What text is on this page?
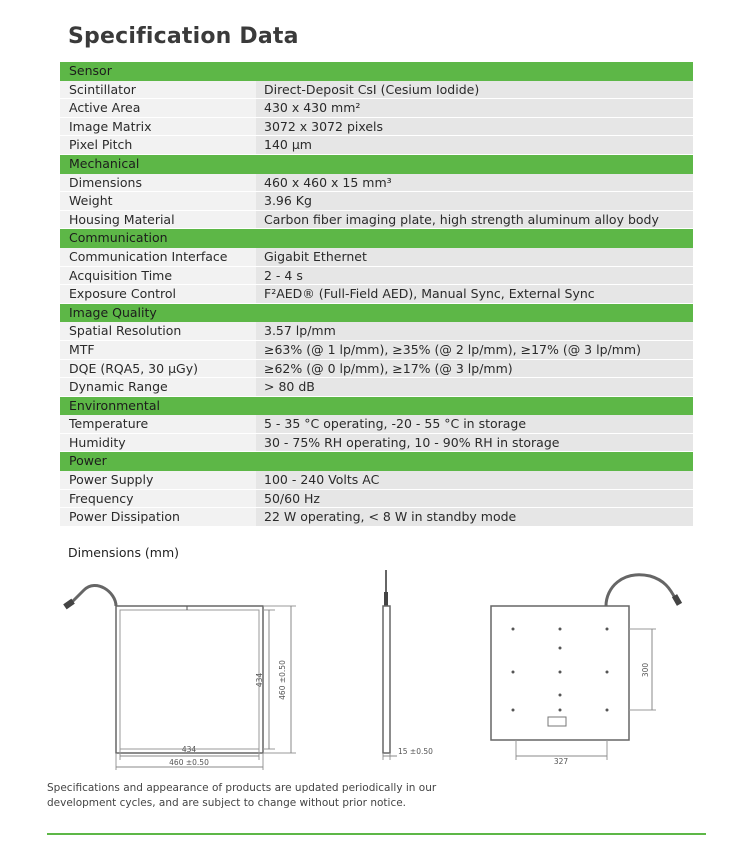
Specification Data
Sensor
Scintillator	Direct-Deposit CsI (Cesium Iodide)
Active Area	430 x 430 mm²
Image Matrix	3072 x 3072 pixels
Pixel Pitch	140 μm
Mechanical
Dimensions	460 x 460 x 15 mm³
Weight	3.96 Kg
Housing Material	Carbon fiber imaging plate, high strength aluminum alloy body
Communication
Communication Interface	Gigabit Ethernet
Acquisition Time	2 - 4 s
Exposure Control	F²AED® (Full-Field AED), Manual Sync, External Sync
Image Quality
Spatial Resolution	3.57 lp/mm
MTF	≥63% (@ 1 lp/mm), ≥35% (@ 2 lp/mm), ≥17% (@ 3 lp/mm)
DQE (RQA5, 30 μGy)	≥62% (@ 0 lp/mm), ≥17% (@ 3 lp/mm)
Dynamic Range	> 80 dB
Environmental
Temperature	5 - 35 °C operating, -20 - 55 °C in storage
Humidity	30 - 75% RH operating, 10 - 90% RH in storage
Power
Power Supply	100 - 240 Volts AC
Frequency	50/60 Hz
Power Dissipation	22 W operating, < 8 W in standby mode
Dimensions (mm)
434 460 ±0.50
434
460 ±0.50
15 ±0.50
300
327
Specifications and appearance of products are updated periodically in our development cycles, and are subject to change without prior notice.
